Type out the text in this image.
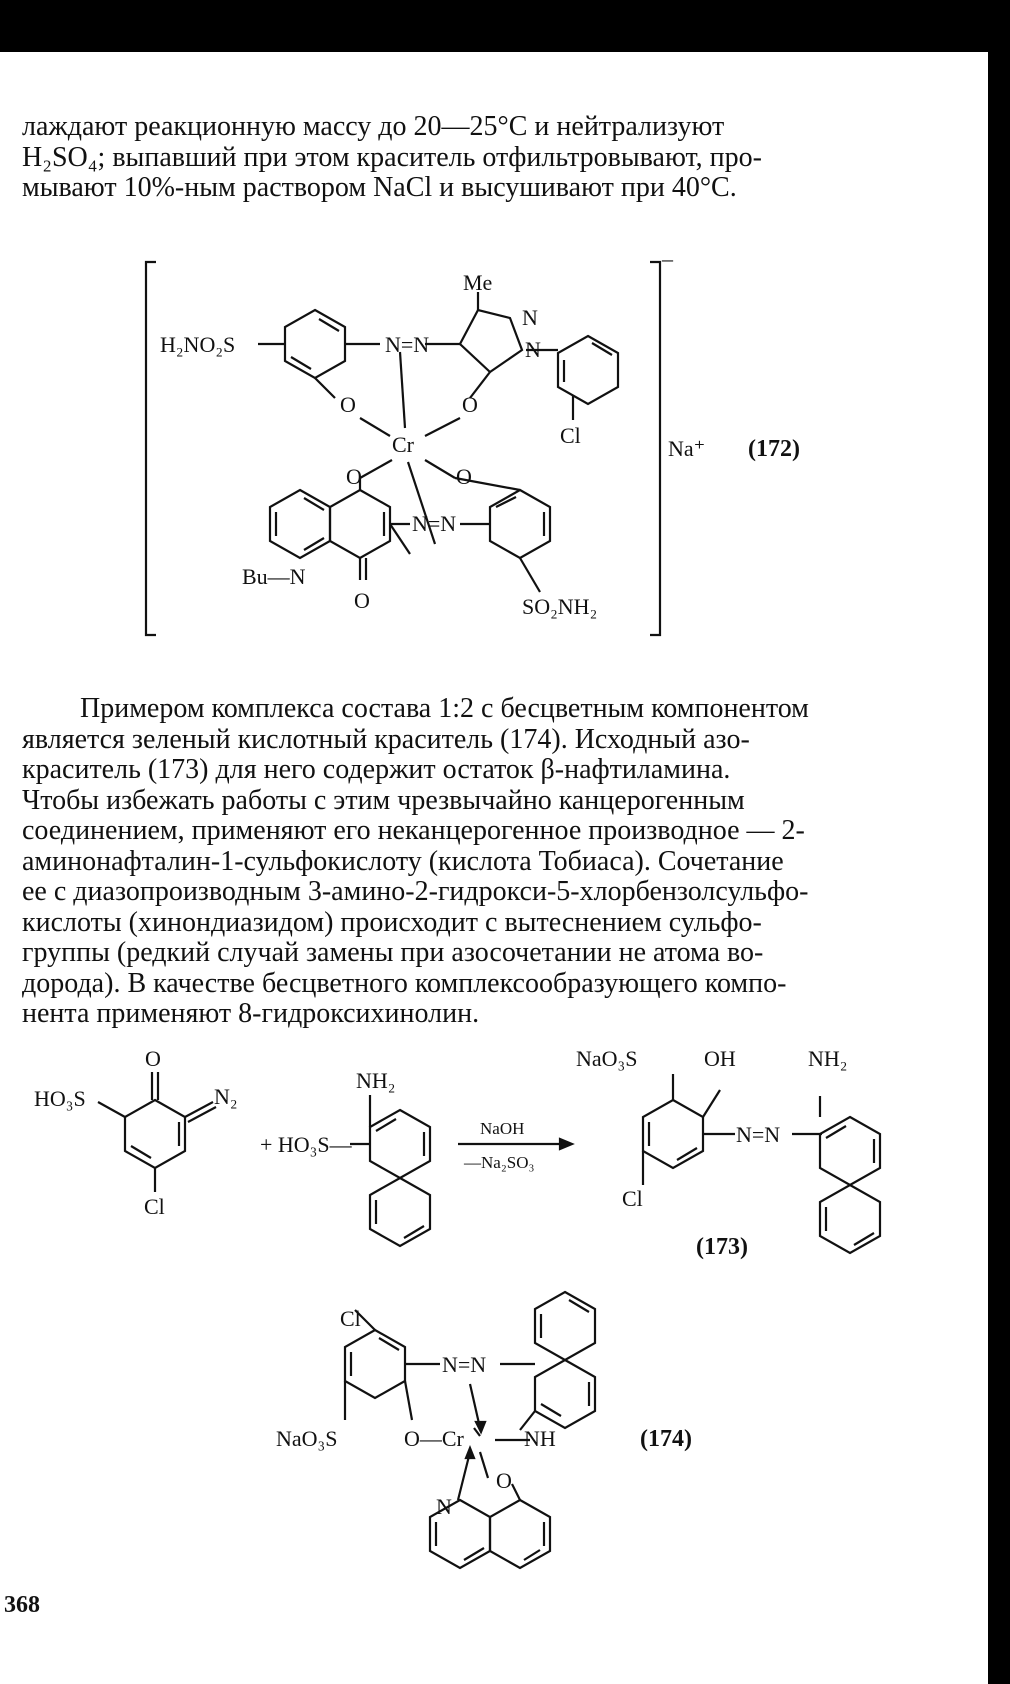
лаждают реакционную массу до 20—25°С и нейтрализуют
H₂SO₄; выпавший при этом краситель отфильтровывают, про-
мывают 10%-ным раствором NaCl и высушивают при 40°С.
H₂NO₂S
Me
N=N
N
N
Cl
O	O
Cr
O	O
N=N
Bu—N
O	SO₂NH₂
–
Na⁺ (172)
Примером комплекса состава 1:2 с бесцветным компонентом
является зеленый кислотный краситель (174). Исходный азо-
краситель (173) для него содержит остаток β-нафтиламина.
Чтобы избежать работы с этим чрезвычайно канцерогенным
соединением, применяют его неканцерогенное производное — 2-
аминонафталин-1-сульфокислоту (кислота Тобиаса). Сочетание
ее с диазопроизводным 3-амино-2-гидрокси-5-хлорбензолсульфо-
кислоты (хинондиазидом) происходит с вытеснением сульфо-
группы (редкий случай замены при азосочетании не атома во-
дорода). В качестве бесцветного комплексообразующего компо-
нента применяют 8-гидроксихинолин.
O
HO₃S	N₂
Cl
+ HO₃S—
NH₂
NaOH
—Na₂SO₃
NaO₃S	OH
N=N
NH₂
Cl
(173)
Cl
N=N
NaO₃S	O—Cr	NH
O
N
(174)
368
